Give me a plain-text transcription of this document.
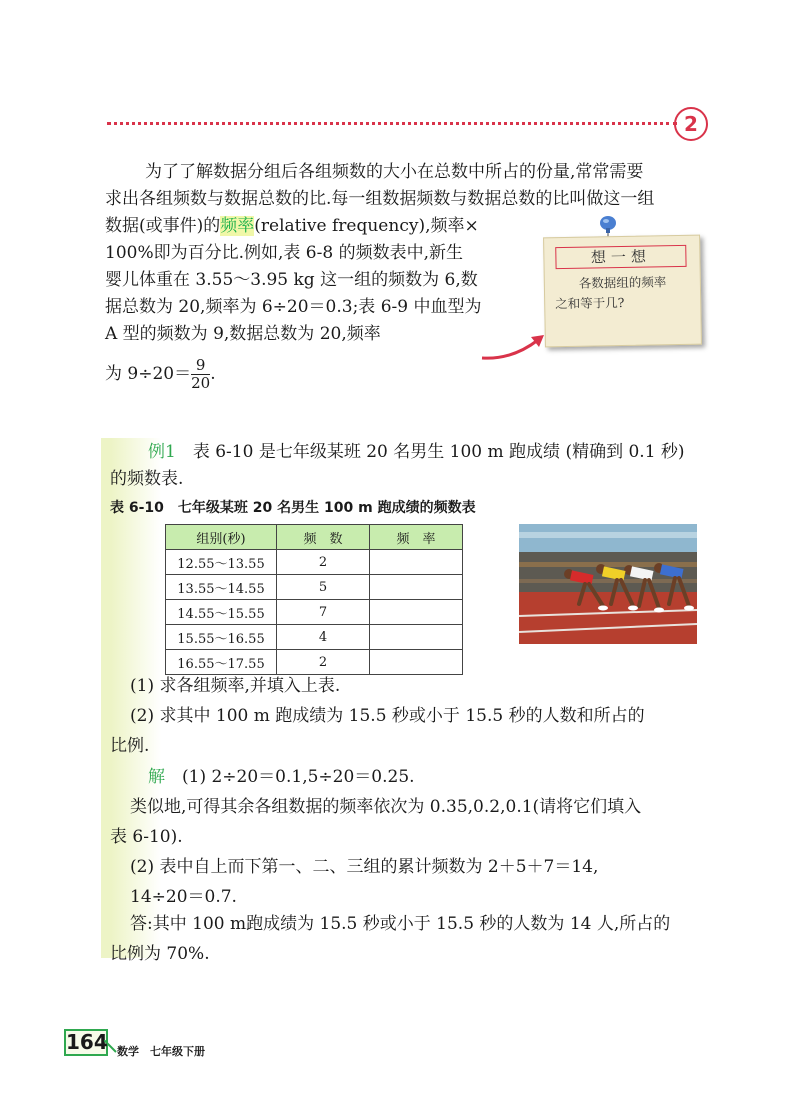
2
为了了解数据分组后各组频数的大小在总数中所占的份量,常常需要
求出各组频数与数据总数的比.每一组数据频数与数据总数的比叫做这一组
数据(或事件)的频率(relative frequency),频率×
100%即为百分比.例如,表 6-8 的频数表中,新生
婴儿体重在 3.55～3.95 kg 这一组的频数为 6,数
据总数为 20,频率为 6÷20＝0.3;表 6-9 中血型为
A 型的频数为 9,数据总数为 20,频率
为 $9\div 20= \frac{9}{20}$ .
想一想
各数据组的频率
之和等于几?
例1　 表 6-10 是七年级某班 20 名男生 100 m 跑成绩 (精确到 0.1 秒)
的频数表.
表 6-10　七年级某班 20 名男生 100 m 跑成绩的频数表
组别(秒)	频　数	频　率
12.55～13.55	2	
13.55～14.55	5	
14.55～15.55	7	
15.55～16.55	4	
16.55～17.55	2	
(1) 求各组频率,并填入上表.
(2) 求其中 100 m 跑成绩为 15.5 秒或小于 15.5 秒的人数和所占的
比例.
解　 (1) 2÷20＝0.1,5÷20＝0.25.
类似地,可得其余各组数据的频率依次为 0.35,0.2,0.1(请将它们填入
表 6-10).
(2) 表中自上而下第一、二、三组的累计频数为 2＋5＋7＝14,
14÷20＝0.7.
答:其中 100 m跑成绩为 15.5 秒或小于 15.5 秒的人数为 14 人,所占的
比例为 70%.
164 数学　七年级下册
